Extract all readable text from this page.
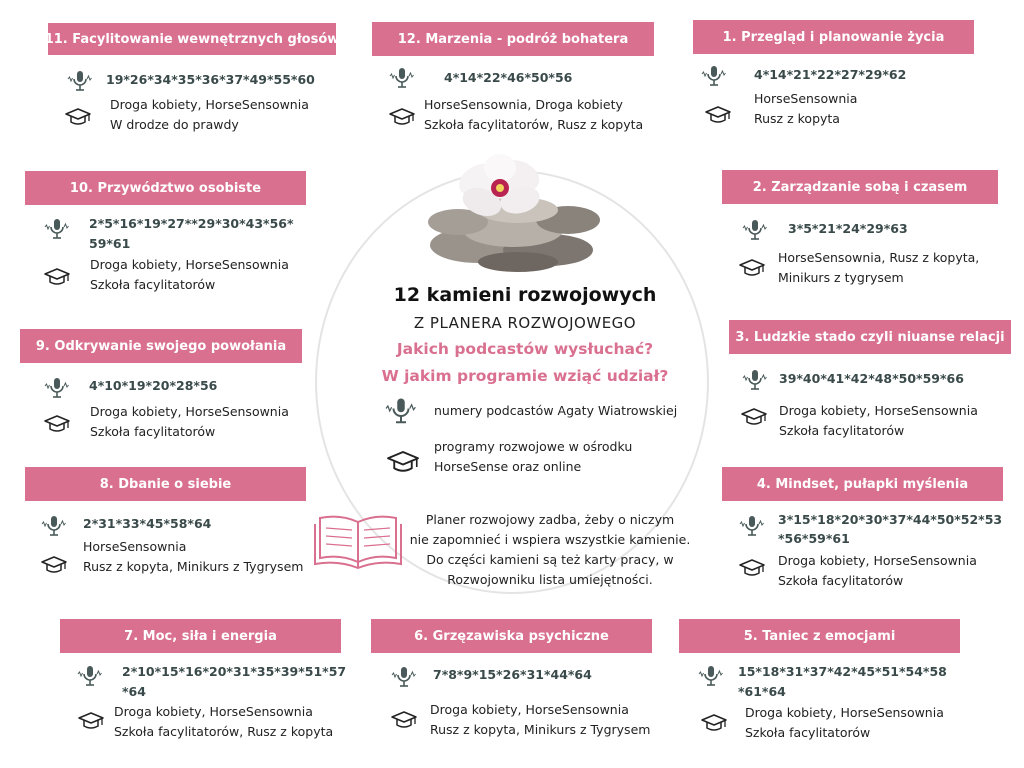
12 kamieni rozwojowych
Z PLANERA ROZWOJOWEGO
Jakich podcastów wysłuchać?
W jakim programie wziąć udział?
numery podcastów Agaty Wiatrowskiej
programy rozwojowe w ośrodku
HorseSense oraz online
Planer rozwojowy zadba, żeby o niczym
nie zapomnieć i wspiera wszystkie kamienie.
Do części kamieni są też karty pracy, w
Rozwojowniku lista umiejętności.
11. Facylitowanie wewnętrznych głosów
19*26*34*35*36*37*49*55*60
Droga kobiety, HorseSensownia
W drodze do prawdy
12. Marzenia - podróż bohatera
4*14*22*46*50*56
HorseSensownia, Droga kobiety
Szkoła facylitatorów, Rusz z kopyta
1. Przegląd i planowanie życia
4*14*21*22*27*29*62
HorseSensownia
Rusz z kopyta
10. Przywództwo osobiste
2*5*16*19*27**29*30*43*56*
59*61
Droga kobiety, HorseSensownia
Szkoła facylitatorów
2. Zarządzanie sobą i czasem
3*5*21*24*29*63
HorseSensownia, Rusz z kopyta,
Minikurs z tygrysem
9. Odkrywanie swojego powołania
4*10*19*20*28*56
Droga kobiety, HorseSensownia
Szkoła facylitatorów
3. Ludzkie stado czyli niuanse relacji
39*40*41*42*48*50*59*66
Droga kobiety, HorseSensownia
Szkoła facylitatorów
8. Dbanie o siebie
2*31*33*45*58*64
HorseSensownia
Rusz z kopyta, Minikurs z Tygrysem
4. Mindset, pułapki myślenia
3*15*18*20*30*37*44*50*52*53
*56*59*61
Droga kobiety, HorseSensownia
Szkoła facylitatorów
7. Moc, siła i energia
2*10*15*16*20*31*35*39*51*57
*64
Droga kobiety, HorseSensownia
Szkoła facylitatorów, Rusz z kopyta
6. Grzęzawiska psychiczne
7*8*9*15*26*31*44*64
Droga kobiety, HorseSensownia
Rusz z kopyta, Minikurs z Tygrysem
5. Taniec z emocjami
15*18*31*37*42*45*51*54*58
*61*64
Droga kobiety, HorseSensownia
Szkoła facylitatorów
